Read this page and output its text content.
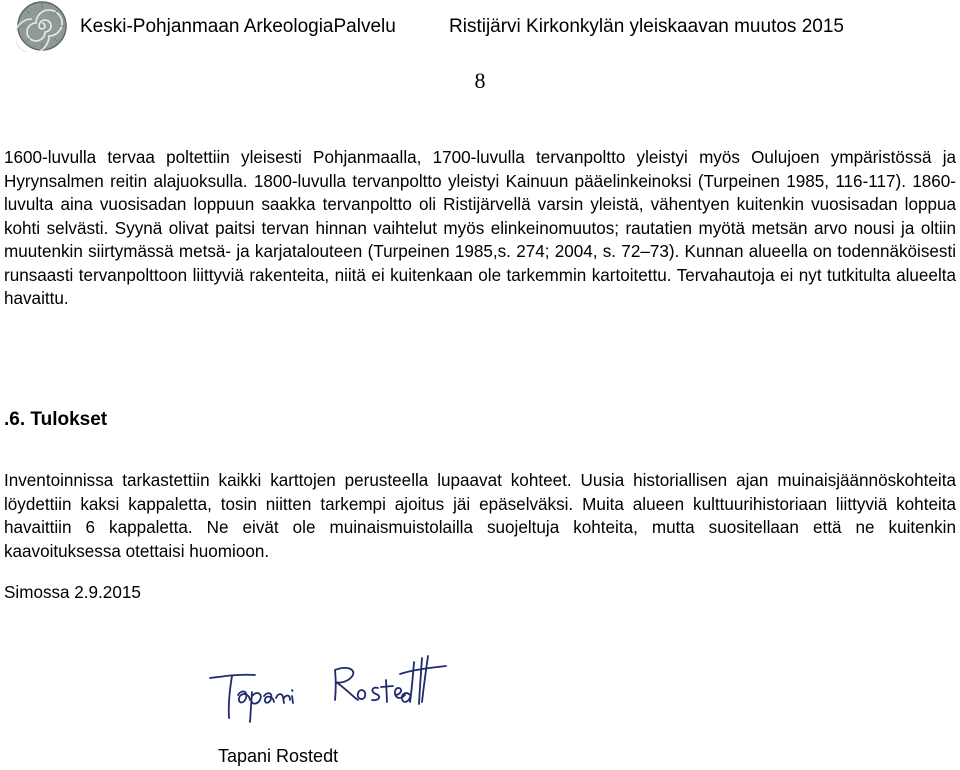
Keski-Pohjanmaan ArkeologiaPalvelu	Ristijärvi Kirkonkylän yleiskaavan muutos 2015
8

1600-luvulla tervaa poltettiin yleisesti Pohjanmaalla, 1700-luvulla tervanpoltto yleistyi myös Oulujoen ympäristössä ja Hyrynsalmen reitin alajuoksulla. 1800-luvulla tervanpoltto yleistyi Kainuun pääelinkeinoksi (Turpeinen 1985, 116-117). 1860-luvulta aina vuosisadan loppuun saakka tervanpoltto oli Ristijärvellä varsin yleistä, vähentyen kuitenkin vuosisadan loppua kohti selvästi. Syynä olivat paitsi tervan hinnan vaihtelut myös elinkeinomuutos; rautatien myötä metsän arvo nousi ja oltiin muutenkin siirtymässä metsä- ja karjatalouteen (Turpeinen 1985,s. 274; 2004, s. 72–73). Kunnan alueella on todennäköisesti runsaasti tervanpolttoon liittyviä rakenteita, niitä ei kuitenkaan ole tarkemmin kartoitettu. Tervahautoja ei nyt tutkitulta alueelta havaittu.

.6. Tulokset

Inventoinnissa tarkastettiin kaikki karttojen perusteella lupaavat kohteet. Uusia historiallisen ajan muinaisjäännöskohteita löydettiin kaksi kappaletta, tosin niitten tarkempi ajoitus jäi epäselväksi. Muita alueen kulttuurihistoriaan liittyviä kohteita havaittiin 6 kappaletta. Ne eivät ole muinaismuistolailla suojeltuja kohteita, mutta suositellaan että ne kuitenkin kaavoituksessa otettaisi huomioon.

Simossa 2.9.2015
Tapani Rostedt
